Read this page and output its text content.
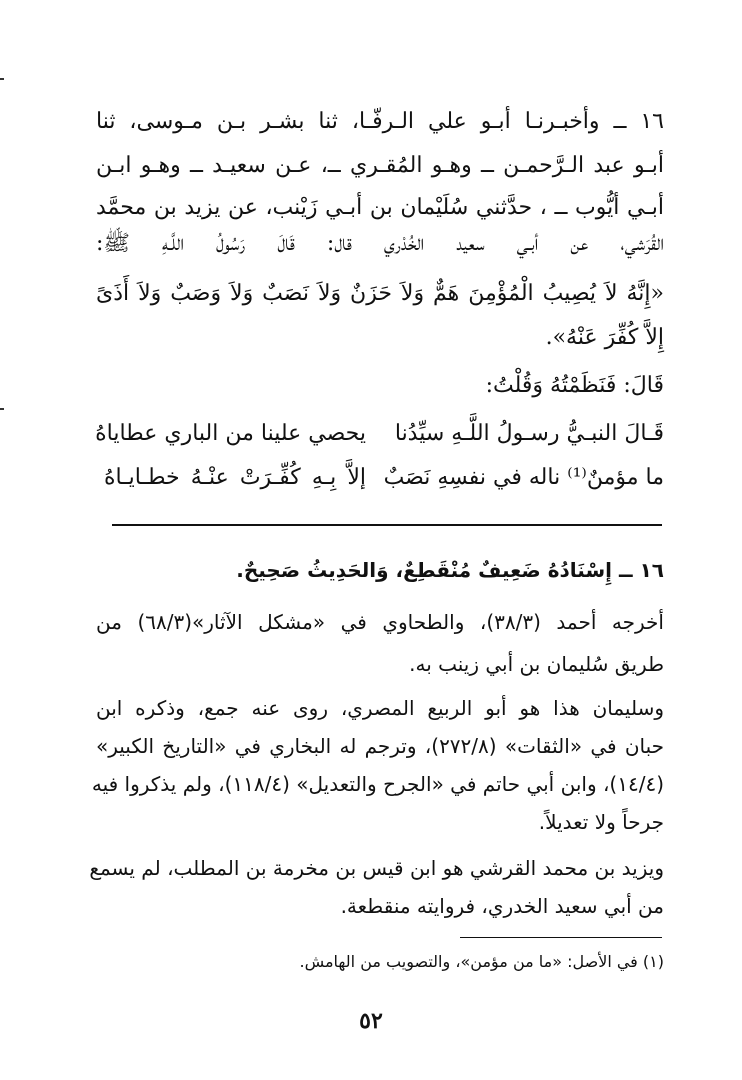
١٦ ــ وأخبـرنـا أبـو علي الـرفّـا، ثنا بشـر بـن مـوسى، ثنا
أبـو عبد الـرَّحمـن ــ وهـو المُقـري ــ، عـن سعيـد ــ وهـو ابـن
أبـي أيُّوب ــ ، حدَّثني سُلَيْمان بن أبـي زَيْنب، عن يزيد بن محمَّد
القُرَشي، عن أبـي سعيد الخُدْري قال: قَالَ رَسُولُ اللَّـهِ ﷺ:
«إِنَّهُ لاَ يُصِيبُ الْمُؤْمِنَ هَمٌّ وَلاَ حَزَنٌ وَلاَ نَصَبٌ وَلاَ وَصَبٌ وَلاَ أَذَىً
إِلاَّ كُفِّرَ عَنْهُ».
قَالَ: فَنَظَمْتُهُ وَقُلْتُ:
قَـالَ النبـيُّ رسـولُ اللَّـهِ سيِّدُنا
يحصي علينا من الباري عطاياهُ
ما مؤمنٌ⁽¹⁾ ناله في نفسِهِ نَصَبٌ
إلاَّ بِـهِ كُفِّـرَتْ عنْـهُ خطـايـاهُ
١٦ ــ إِسْنَادُهُ ضَعِيفٌ مُنْقَطِعٌ، وَالحَدِيثُ صَحِيحٌ.
أخرجه أحمد (٣٨/٣)، والطحاوي في «مشكل الآثار»(٦٨/٣) من
طريق سُليمان بن أبي زينب به.
وسليمان هذا هو أبو الربيع المصري، روى عنه جمع، وذكره ابن
حبان في «الثقات» (٢٧٢/٨)، وترجم له البخاري في «التاريخ الكبير»
(١٤/٤)، وابن أبي حاتم في «الجرح والتعديل» (١١٨/٤)، ولم يذكروا فيه
جرحاً ولا تعديلاً.
ويزيد بن محمد القرشي هو ابن قيس بن مخرمة بن المطلب، لم يسمع
من أبي سعيد الخدري، فروايته منقطعة.
(١) في الأصل: «ما من مؤمن»، والتصويب من الهامش.
٥٢
